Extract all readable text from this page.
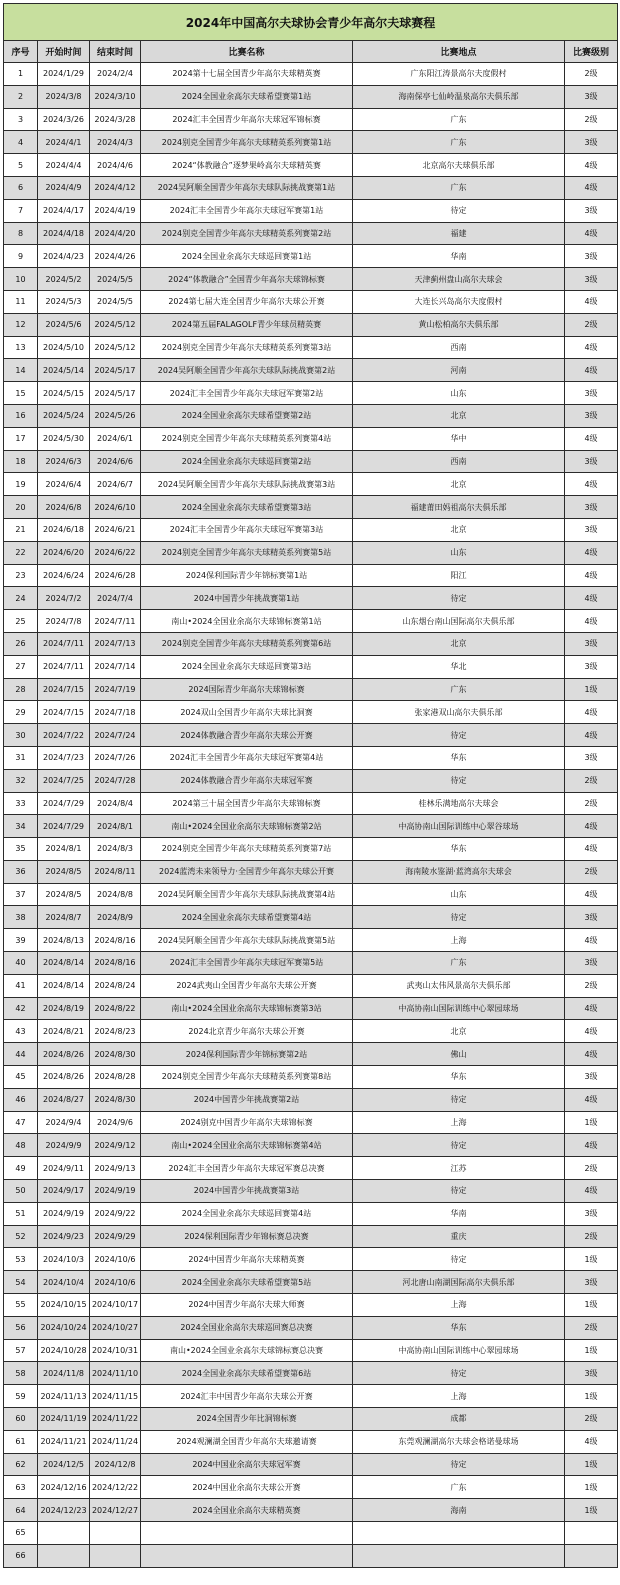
2024年中国高尔夫球协会青少年高尔夫球赛程					
序号	开始时间	结束时间	比赛名称	比赛地点	比赛级别
1	2024/1/29	2024/2/4	2024第十七届全国青少年高尔夫球精英赛	广东阳江涛景高尔夫度假村	2级
2	2024/3/8	2024/3/10	2024全国业余高尔夫球希望赛第1站	海南保亭七仙岭温泉高尔夫俱乐部	3级
3	2024/3/26	2024/3/28	2024汇丰全国青少年高尔夫球冠军锦标赛	广东	2级
4	2024/4/1	2024/4/3	2024别克全国青少年高尔夫球精英系列赛第1站	广东	3级
5	2024/4/4	2024/4/6	2024“体教融合”逐梦果岭高尔夫球精英赛	北京高尔夫球俱乐部	4级
6	2024/4/9	2024/4/12	2024吴阿顺全国青少年高尔夫球队际挑战赛第1站	广东	4级
7	2024/4/17	2024/4/19	2024汇丰全国青少年高尔夫球冠军赛第1站	待定	3级
8	2024/4/18	2024/4/20	2024别克全国青少年高尔夫球精英系列赛第2站	福建	4级
9	2024/4/23	2024/4/26	2024全国业余高尔夫球巡回赛第1站	华南	3级
10	2024/5/2	2024/5/5	2024“体教融合”全国青少年高尔夫球锦标赛	天津蓟州盘山高尔夫球会	3级
11	2024/5/3	2024/5/5	2024第七届大连全国青少年高尔夫球公开赛	大连长兴岛高尔夫度假村	4级
12	2024/5/6	2024/5/12	2024第五届FALAGOLF青少年球员精英赛	黄山松柏高尔夫俱乐部	2级
13	2024/5/10	2024/5/12	2024别克全国青少年高尔夫球精英系列赛第3站	西南	4级
14	2024/5/14	2024/5/17	2024吴阿顺全国青少年高尔夫球队际挑战赛第2站	河南	4级
15	2024/5/15	2024/5/17	2024汇丰全国青少年高尔夫球冠军赛第2站	山东	3级
16	2024/5/24	2024/5/26	2024全国业余高尔夫球希望赛第2站	北京	3级
17	2024/5/30	2024/6/1	2024别克全国青少年高尔夫球精英系列赛第4站	华中	4级
18	2024/6/3	2024/6/6	2024全国业余高尔夫球巡回赛第2站	西南	3级
19	2024/6/4	2024/6/7	2024吴阿顺全国青少年高尔夫球队际挑战赛第3站	北京	4级
20	2024/6/8	2024/6/10	2024全国业余高尔夫球希望赛第3站	福建莆田妈祖高尔夫俱乐部	3级
21	2024/6/18	2024/6/21	2024汇丰全国青少年高尔夫球冠军赛第3站	北京	3级
22	2024/6/20	2024/6/22	2024别克全国青少年高尔夫球精英系列赛第5站	山东	4级
23	2024/6/24	2024/6/28	2024保利国际青少年锦标赛第1站	阳江	4级
24	2024/7/2	2024/7/4	2024中国青少年挑战赛第1站	待定	4级
25	2024/7/8	2024/7/11	南山•2024全国业余高尔夫球锦标赛第1站	山东烟台南山国际高尔夫俱乐部	4级
26	2024/7/11	2024/7/13	2024别克全国青少年高尔夫球精英系列赛第6站	北京	3级
27	2024/7/11	2024/7/14	2024全国业余高尔夫球巡回赛第3站	华北	3级
28	2024/7/15	2024/7/19	2024国际青少年高尔夫球锦标赛	广东	1级
29	2024/7/15	2024/7/18	2024双山全国青少年高尔夫球比洞赛	张家港双山高尔夫俱乐部	4级
30	2024/7/22	2024/7/24	2024体教融合青少年高尔夫球公开赛	待定	4级
31	2024/7/23	2024/7/26	2024汇丰全国青少年高尔夫球冠军赛第4站	华东	3级
32	2024/7/25	2024/7/28	2024体教融合青少年高尔夫球冠军赛	待定	2级
33	2024/7/29	2024/8/4	2024第三十届全国青少年高尔夫球锦标赛	桂林乐满地高尔夫球会	2级
34	2024/7/29	2024/8/1	南山•2024全国业余高尔夫球锦标赛第2站	中高协南山国际训练中心翠谷球场	4级
35	2024/8/1	2024/8/3	2024别克全国青少年高尔夫球精英系列赛第7站	华东	4级
36	2024/8/5	2024/8/11	2024蓝湾未来领导力·全国青少年高尔夫球公开赛	海南陵水鉴湖·蓝湾高尔夫球会	2级
37	2024/8/5	2024/8/8	2024吴阿顺全国青少年高尔夫球队际挑战赛第4站	山东	4级
38	2024/8/7	2024/8/9	2024全国业余高尔夫球希望赛第4站	待定	3级
39	2024/8/13	2024/8/16	2024吴阿顺全国青少年高尔夫球队际挑战赛第5站	上海	4级
40	2024/8/14	2024/8/16	2024汇丰全国青少年高尔夫球冠军赛第5站	广东	3级
41	2024/8/14	2024/8/24	2024武夷山全国青少年高尔夫球公开赛	武夷山太伟风景高尔夫俱乐部	2级
42	2024/8/19	2024/8/22	南山•2024全国业余高尔夫球锦标赛第3站	中高协南山国际训练中心翠园球场	4级
43	2024/8/21	2024/8/23	2024北京青少年高尔夫球公开赛	北京	4级
44	2024/8/26	2024/8/30	2024保利国际青少年锦标赛第2站	佛山	4级
45	2024/8/26	2024/8/28	2024别克全国青少年高尔夫球精英系列赛第8站	华东	3级
46	2024/8/27	2024/8/30	2024中国青少年挑战赛第2站	待定	4级
47	2024/9/4	2024/9/6	2024别克中国青少年高尔夫球锦标赛	上海	1级
48	2024/9/9	2024/9/12	南山•2024全国业余高尔夫球锦标赛第4站	待定	4级
49	2024/9/11	2024/9/13	2024汇丰全国青少年高尔夫球冠军赛总决赛	江苏	2级
50	2024/9/17	2024/9/19	2024中国青少年挑战赛第3站	待定	4级
51	2024/9/19	2024/9/22	2024全国业余高尔夫球巡回赛第4站	华南	3级
52	2024/9/23	2024/9/29	2024保利国际青少年锦标赛总决赛	重庆	2级
53	2024/10/3	2024/10/6	2024中国青少年高尔夫球精英赛	待定	1级
54	2024/10/4	2024/10/6	2024全国业余高尔夫球希望赛第5站	河北唐山南湖国际高尔夫俱乐部	3级
55	2024/10/15	2024/10/17	2024中国青少年高尔夫球大师赛	上海	1级
56	2024/10/24	2024/10/27	2024全国业余高尔夫球巡回赛总决赛	华东	2级
57	2024/10/28	2024/10/31	南山•2024全国业余高尔夫球锦标赛总决赛	中高协南山国际训练中心翠园球场	1级
58	2024/11/8	2024/11/10	2024全国业余高尔夫球希望赛第6站	待定	3级
59	2024/11/13	2024/11/15	2024汇丰中国青少年高尔夫球公开赛	上海	1级
60	2024/11/19	2024/11/22	2024全国青少年比洞锦标赛	成都	2级
61	2024/11/21	2024/11/24	2024观澜湖全国青少年高尔夫球邀请赛	东莞观澜湖高尔夫球会格诺曼球场	4级
62	2024/12/5	2024/12/8	2024中国业余高尔夫球冠军赛	待定	1级
63	2024/12/16	2024/12/22	2024中国业余高尔夫球公开赛	广东	1级
64	2024/12/23	2024/12/27	2024全国业余高尔夫球精英赛	海南	1级
65					
66					
